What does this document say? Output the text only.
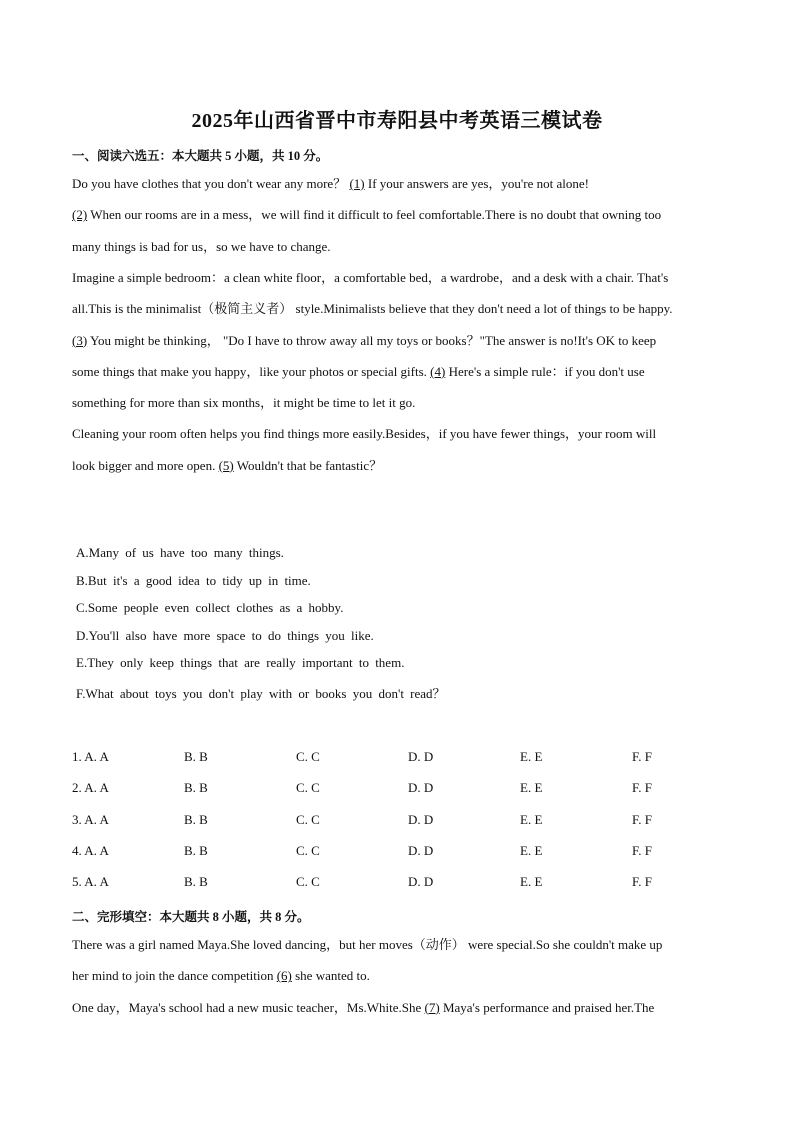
2025年山西省晋中市寿阳县中考英语三模试卷
一、阅读六选五：本大题共 5 小题，共 10 分。
Do you have clothes that you don't wear any more？ (1) If your answers are yes，you're not alone!
(2) When our rooms are in a mess，we will find it difficult to feel comfortable.There is no doubt that owning too
many things is bad for us，so we have to change.
Imagine a simple bedroom：a clean white floor，a comfortable bed，a wardrobe，and a desk with a chair. That's
all.This is the minimalist（极简主义者） style.Minimalists believe that they don't need a lot of things to be happy.
(3) You might be thinking， "Do I have to throw away all my toys or books？"The answer is no!It's OK to keep
some things that make you happy，like your photos or special gifts. (4) Here's a simple rule：if you don't use
something for more than six months，it might be time to let it go.
Cleaning your room often helps you find things more easily.Besides，if you have fewer things，your room will
look bigger and more open. (5) Wouldn't that be fantastic？
A.Many of us have too many things.
B.But it's a good idea to tidy up in time.
C.Some people even collect clothes as a hobby.
D.You'll also have more space to do things you like.
E.They only keep things that are really important to them.
F.What about toys you don't play with or books you don't read？
1. A. A	B. B	C. C	D. D	E. E	F. F
2. A. A	B. B	C. C	D. D	E. E	F. F
3. A. A	B. B	C. C	D. D	E. E	F. F
4. A. A	B. B	C. C	D. D	E. E	F. F
5. A. A	B. B	C. C	D. D	E. E	F. F
二、完形填空：本大题共 8 小题，共 8 分。
There was a girl named Maya.She loved dancing，but her moves（动作） were special.So she couldn't make up
her mind to join the dance competition (6) she wanted to.
One day，Maya's school had a new music teacher，Ms.White.She (7) Maya's performance and praised her.The
